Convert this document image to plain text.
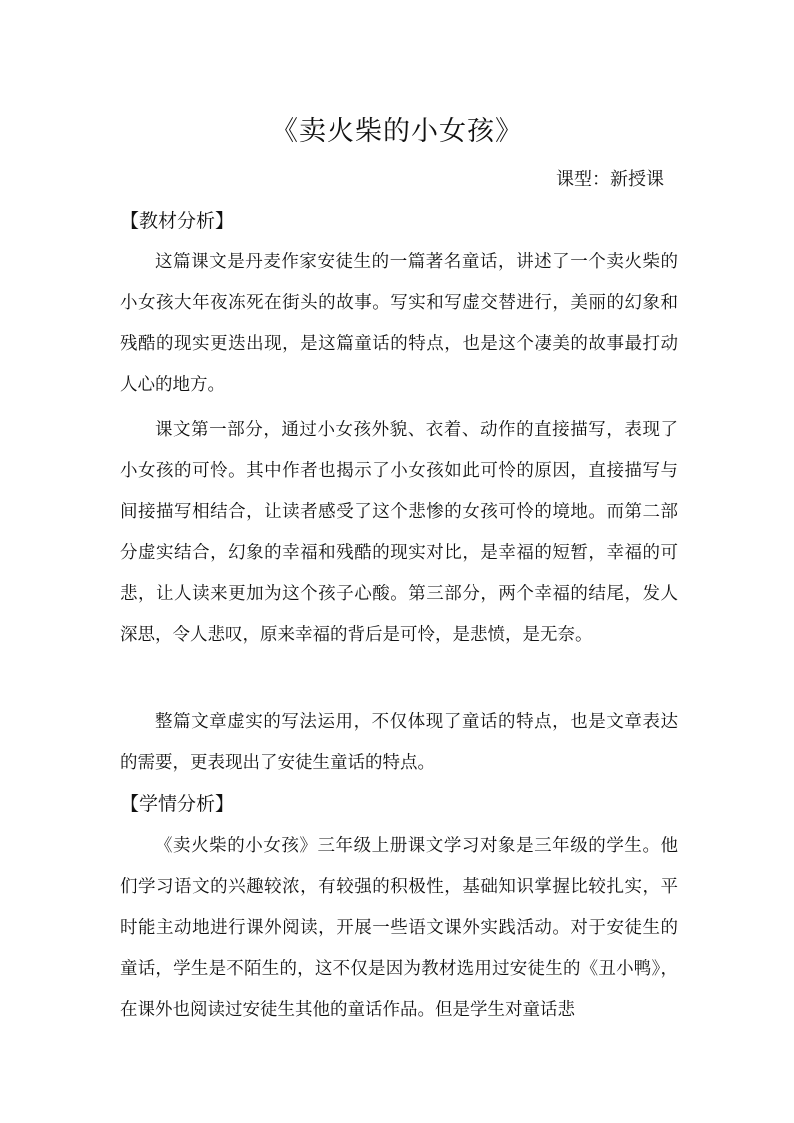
《卖火柴的小女孩》

课型：新授课

【教材分析】

这篇课文是丹麦作家安徒生的一篇著名童话，讲述了一个卖火柴的小女孩大年夜冻死在街头的故事。写实和写虚交替进行，美丽的幻象和残酷的现实更迭出现，是这篇童话的特点，也是这个凄美的故事最打动人心的地方。

课文第一部分，通过小女孩外貌、衣着、动作的直接描写，表现了小女孩的可怜。其中作者也揭示了小女孩如此可怜的原因，直接描写与间接描写相结合，让读者感受了这个悲惨的女孩可怜的境地。而第二部分虚实结合，幻象的幸福和残酷的现实对比，是幸福的短暂，幸福的可悲，让人读来更加为这个孩子心酸。第三部分，两个幸福的结尾，发人深思，令人悲叹，原来幸福的背后是可怜，是悲愤，是无奈。

整篇文章虚实的写法运用，不仅体现了童话的特点，也是文章表达的需要，更表现出了安徒生童话的特点。

【学情分析】

《卖火柴的小女孩》三年级上册课文学习对象是三年级的学生。他们学习语文的兴趣较浓，有较强的积极性，基础知识掌握比较扎实，平时能主动地进行课外阅读，开展一些语文课外实践活动。对于安徒生的童话，学生是不陌生的，这不仅是因为教材选用过安徒生的《丑小鸭》，在课外也阅读过安徒生其他的童话作品。但是学生对童话悲
